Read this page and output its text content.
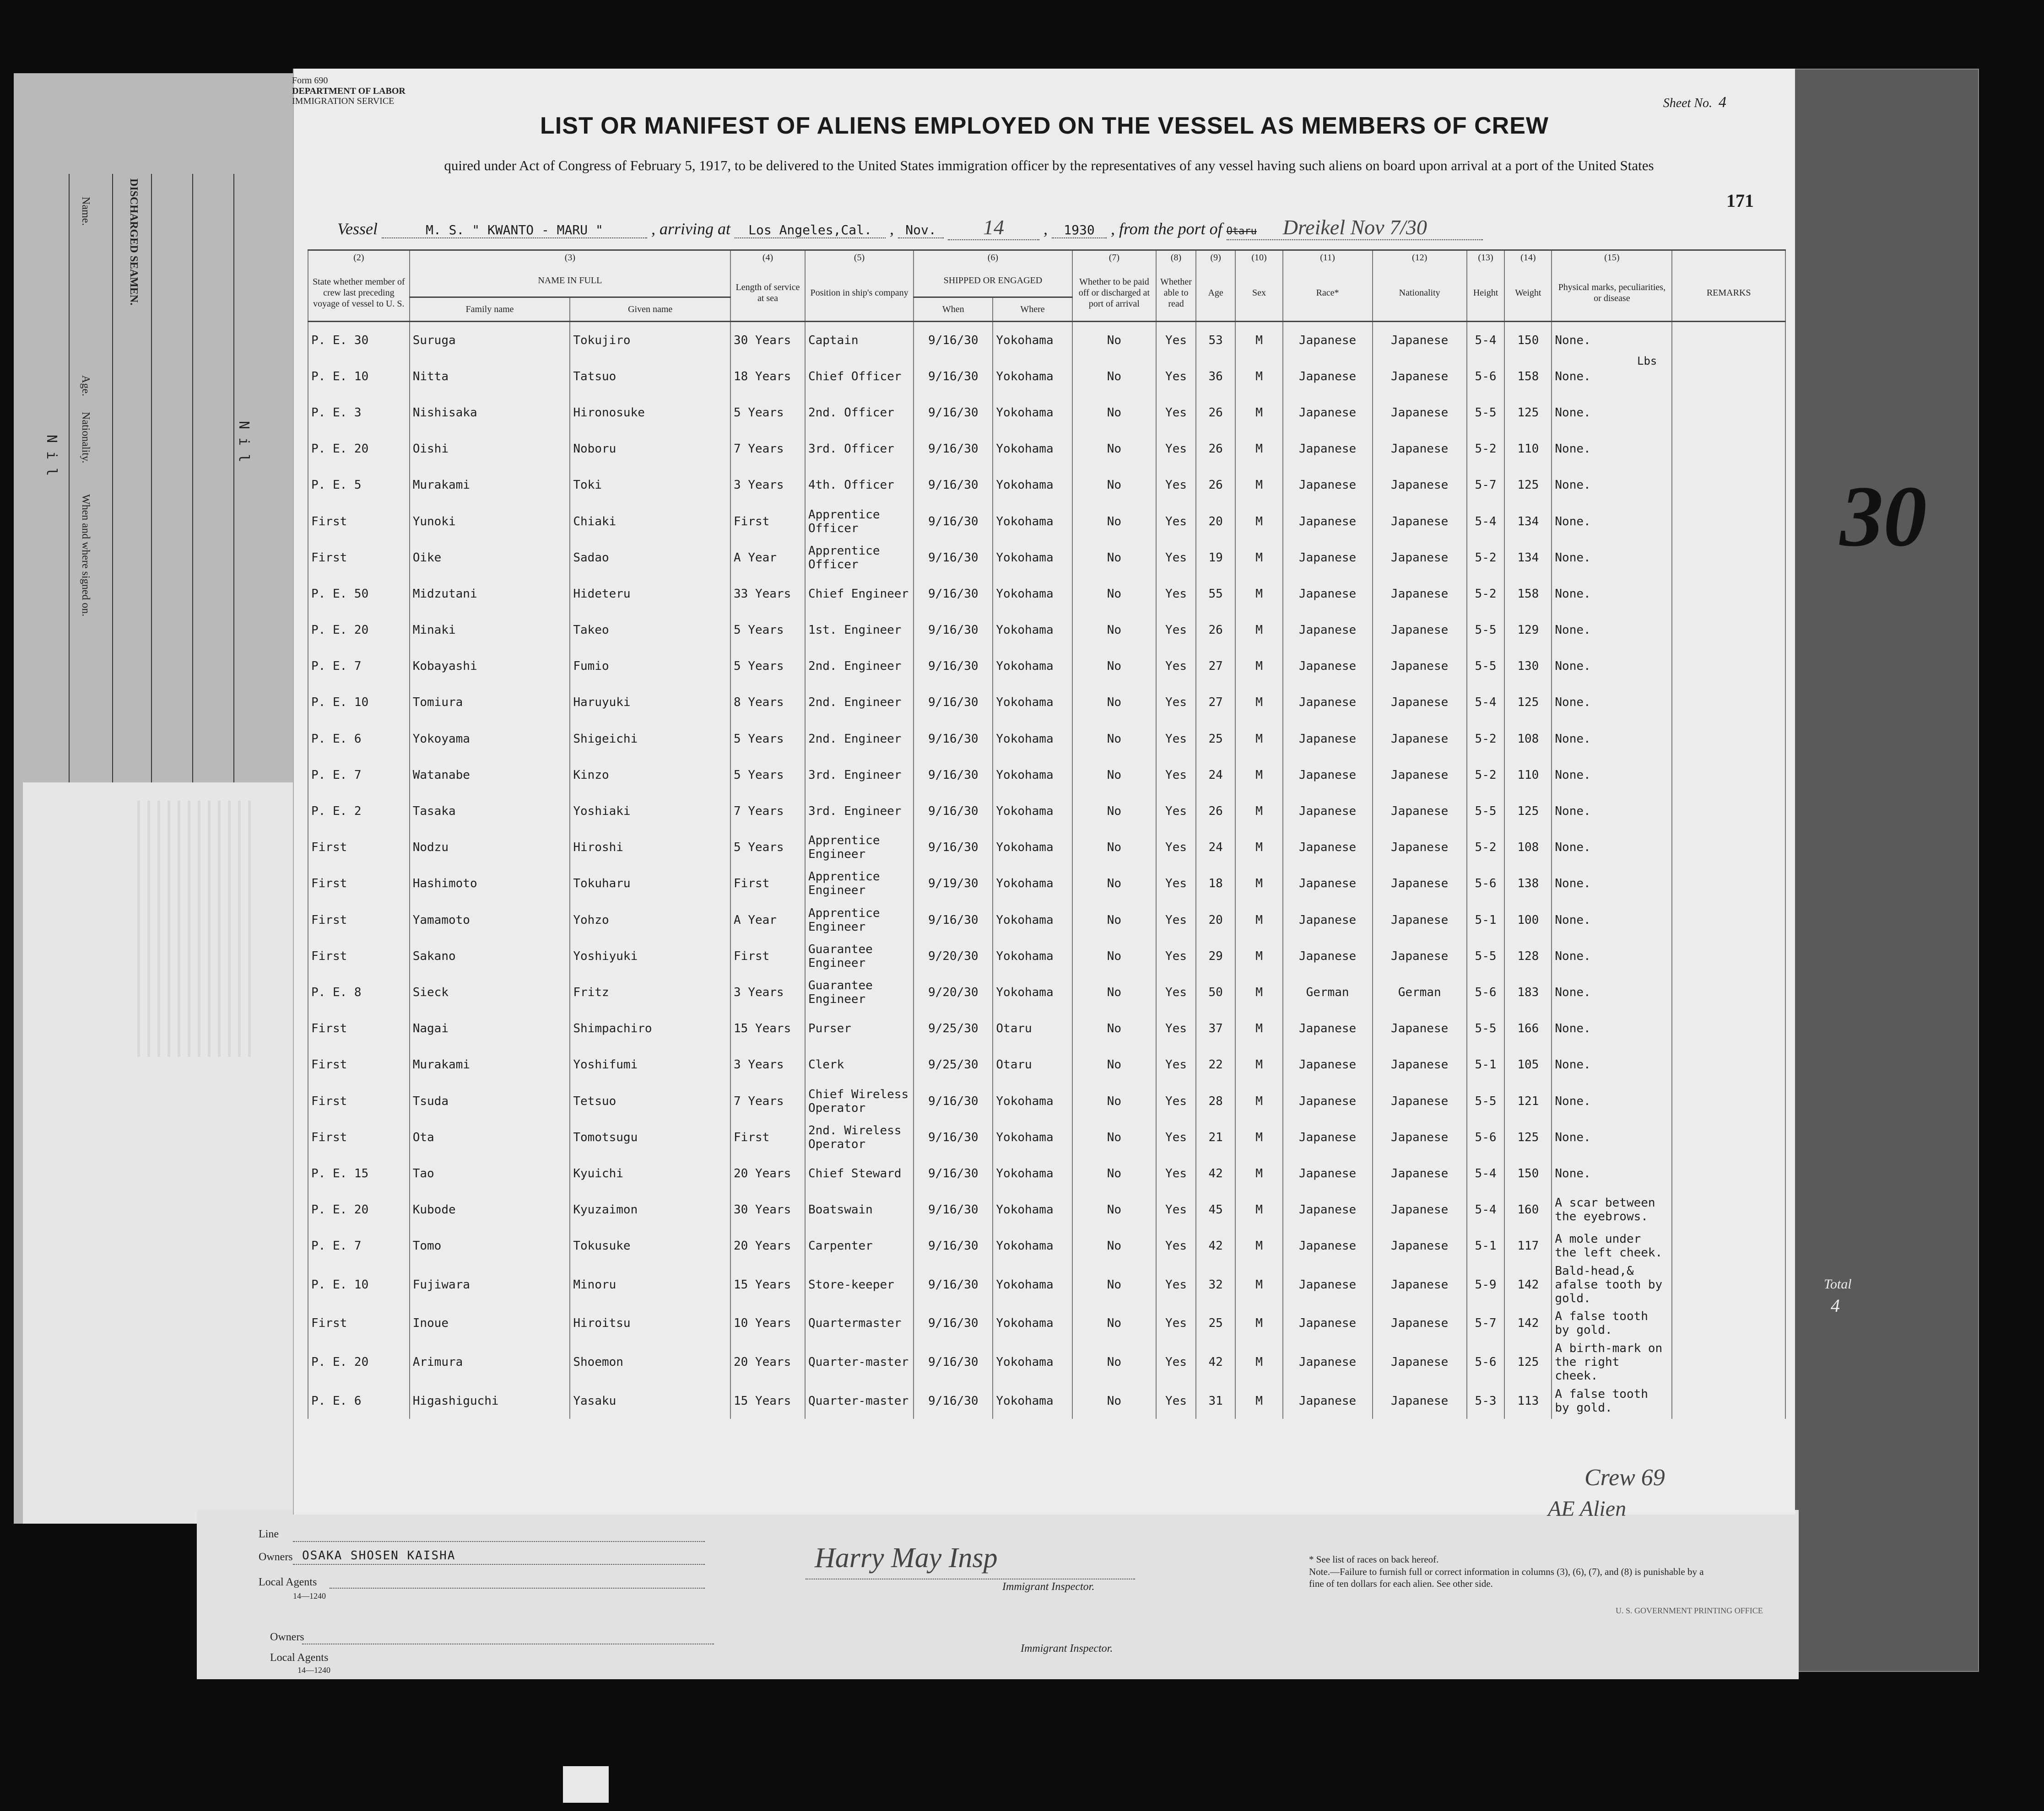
DISCHARGED SEAMEN.
Name.
Age.
Nationality.
When and where signed on.
N i l	N i l
Owners
Local Agents
14—1240
Immigrant Inspector.
Form 690
DEPARTMENT OF LABOR
IMMIGRATION SERVICE	Sheet No. 4
LIST OR MANIFEST OF ALIENS EMPLOYED ON THE VESSEL AS MEMBERS OF CREW
quired under Act of Congress of February 5, 1917, to be delivered to the United States immigration officer by the representatives of any vessel having such aliens on board upon arrival at a port of the United States
171
Vessel	M. S. " KWANTO - MARU "	, arriving at Los Angeles,Cal. , Nov. 14 , 1930 , from the port of Otaru Dreikel Nov 7/30
(2)	(3)		(4)	(5)	(6)		(7)	(8)	(9)	(10)	(11)	(12)	(13)	(14)	(15)	
State whether member of crew last preceding voyage of vessel to U. S.	NAME IN FULL		Length of service at sea	Position in ship's company	SHIPPED OR ENGAGED		Whether to be paid off or discharged at port of arrival	Whether able to read	Age	Sex	Race*	Nationality	Height	Weight	Physical marks, peculiarities, or disease	REMARKS
	Family name	Given name			When	Where										
P. E. 30	Suruga	Tokujiro	30 Years	Captain	9/16/30	Yokohama	No	Yes	53	M	Japanese	Japanese	5-4	150	None.	
P. E. 10	Nitta	Tatsuo	18 Years	Chief Officer	9/16/30	Yokohama	No	Yes	36	M	Japanese	Japanese	5-6	158	None.	
P. E. 3	Nishisaka	Hironosuke	5 Years	2nd. Officer	9/16/30	Yokohama	No	Yes	26	M	Japanese	Japanese	5-5	125	None.	
P. E. 20	Oishi	Noboru	7 Years	3rd. Officer	9/16/30	Yokohama	No	Yes	26	M	Japanese	Japanese	5-2	110	None.	
P. E. 5	Murakami	Toki	3 Years	4th. Officer	9/16/30	Yokohama	No	Yes	26	M	Japanese	Japanese	5-7	125	None.	
First	Yunoki	Chiaki	First	Apprentice Officer	9/16/30	Yokohama	No	Yes	20	M	Japanese	Japanese	5-4	134	None.	
First	Oike	Sadao	A Year	Apprentice Officer	9/16/30	Yokohama	No	Yes	19	M	Japanese	Japanese	5-2	134	None.	
P. E. 50	Midzutani	Hideteru	33 Years	Chief Engineer	9/16/30	Yokohama	No	Yes	55	M	Japanese	Japanese	5-2	158	None.	
P. E. 20	Minaki	Takeo	5 Years	1st. Engineer	9/16/30	Yokohama	No	Yes	26	M	Japanese	Japanese	5-5	129	None.	
P. E. 7	Kobayashi	Fumio	5 Years	2nd. Engineer	9/16/30	Yokohama	No	Yes	27	M	Japanese	Japanese	5-5	130	None.	
P. E. 10	Tomiura	Haruyuki	8 Years	2nd. Engineer	9/16/30	Yokohama	No	Yes	27	M	Japanese	Japanese	5-4	125	None.	
P. E. 6	Yokoyama	Shigeichi	5 Years	2nd. Engineer	9/16/30	Yokohama	No	Yes	25	M	Japanese	Japanese	5-2	108	None.	
P. E. 7	Watanabe	Kinzo	5 Years	3rd. Engineer	9/16/30	Yokohama	No	Yes	24	M	Japanese	Japanese	5-2	110	None.	
P. E. 2	Tasaka	Yoshiaki	7 Years	3rd. Engineer	9/16/30	Yokohama	No	Yes	26	M	Japanese	Japanese	5-5	125	None.	
First	Nodzu	Hiroshi	5 Years	Apprentice Engineer	9/16/30	Yokohama	No	Yes	24	M	Japanese	Japanese	5-2	108	None.	
First	Hashimoto	Tokuharu	First	Apprentice Engineer	9/19/30	Yokohama	No	Yes	18	M	Japanese	Japanese	5-6	138	None.	
First	Yamamoto	Yohzo	A Year	Apprentice Engineer	9/16/30	Yokohama	No	Yes	20	M	Japanese	Japanese	5-1	100	None.	
First	Sakano	Yoshiyuki	First	Guarantee Engineer	9/20/30	Yokohama	No	Yes	29	M	Japanese	Japanese	5-5	128	None.	
P. E. 8	Sieck	Fritz	3 Years	Guarantee Engineer	9/20/30	Yokohama	No	Yes	50	M	German	German	5-6	183	None.	
First	Nagai	Shimpachiro	15 Years	Purser	9/25/30	Otaru	No	Yes	37	M	Japanese	Japanese	5-5	166	None.	
First	Murakami	Yoshifumi	3 Years	Clerk	9/25/30	Otaru	No	Yes	22	M	Japanese	Japanese	5-1	105	None.	
First	Tsuda	Tetsuo	7 Years	Chief Wireless Operator	9/16/30	Yokohama	No	Yes	28	M	Japanese	Japanese	5-5	121	None.	
First	Ota	Tomotsugu	First	2nd. Wireless Operator	9/16/30	Yokohama	No	Yes	21	M	Japanese	Japanese	5-6	125	None.	
P. E. 15	Tao	Kyuichi	20 Years	Chief Steward	9/16/30	Yokohama	No	Yes	42	M	Japanese	Japanese	5-4	150	None.	
P. E. 20	Kubode	Kyuzaimon	30 Years	Boatswain	9/16/30	Yokohama	No	Yes	45	M	Japanese	Japanese	5-4	160	A scar between the eyebrows.	
P. E. 7	Tomo	Tokusuke	20 Years	Carpenter	9/16/30	Yokohama	No	Yes	42	M	Japanese	Japanese	5-1	117	A mole under the left cheek.	
P. E. 10	Fujiwara	Minoru	15 Years	Store-keeper	9/16/30	Yokohama	No	Yes	32	M	Japanese	Japanese	5-9	142	Bald-head,& afalse tooth by gold.	
First	Inoue	Hiroitsu	10 Years	Quartermaster	9/16/30	Yokohama	No	Yes	25	M	Japanese	Japanese	5-7	142	A false tooth by gold.	
P. E. 20	Arimura	Shoemon	20 Years	Quarter-master	9/16/30	Yokohama	No	Yes	42	M	Japanese	Japanese	5-6	125	A birth-mark on the right cheek.	
P. E. 6	Higashiguchi	Yasaku	15 Years	Quarter-master	9/16/30	Yokohama	No	Yes	31	M	Japanese	Japanese	5-3	113	A false tooth by gold.	
Lbs
Crew 69
AE Alien
Line
Owners OSAKA SHOSEN KAISHA
Local Agents
14—1240
Harry May Insp
Immigrant Inspector.
* See list of races on back hereof.
Note.—Failure to furnish full or correct information in columns (3), (6), (7), and (8) is punishable by a fine of ten dollars for each alien. See other side.
U. S. GOVERNMENT PRINTING OFFICE
30
Total
4
